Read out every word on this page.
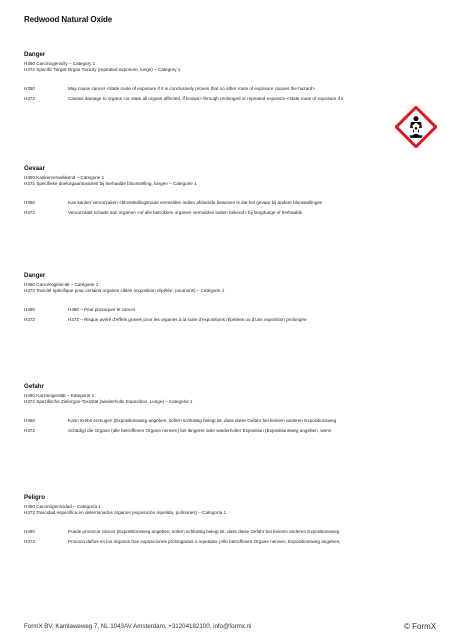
Redwood Natural Oxide
Danger
H350 Carcinogenicity – Category 1
H372 Specific Target Organ Toxicity (repeated exposure, lungs) – Category 1
H350	May cause cancer <state route of exposure if it is conclusively proven that no other route of exposure causes the hazard>
H372	Causes damage to organs <or state all organs affected, if known> through prolonged or repeated exposure <state route of exposure if it
Gevaar
H350 Kankerverwekkend – Categorie 1
H372 Specifieke doelorgaantoxiciteit bij herhaalde blootstelling, longen – Categorie 1
H350	Kan kanker veroorzaken <blootstellingsroute vermelden indien afdoende bewezen is dat het gevaar bij andere blootstellingen
H372	Veroorzaakt schade aan organen <of alle betrokken organen vermelden indien bekend> bij langdurige of herhaalde
Danger
H350 Cancérogénicité – Catégorie 1
H372 Toxicité spécifique pour certains organes cibles (exposition répétée, poumons) – Catégorie 1
H350	H350 – Peut provoquer le cancer
H372	H372 – Risque avéré d'effets graves pour les organes à la suite d'expositions répétées ou d'une exposition prolongée
Gefahr
H350 Karzinogenität – Kategorie 1
H372 Spezifische Zielorgan-Toxizität (wiederholte Exposition, Lunge) – Kategorie 1
H350	Kann Krebs erzeugen (Expositionsweg angeben, sofern schlüssig belegt ist, dass diese Gefahr bei keinem anderen Expositionsweg
H372	Schädigt die Organe (alle betroffenen Organe nennen) bei längerer oder wiederholter Exposition (Expositionsweg angeben, wenn
Peligro
H350 Carcinogenicidad – Categoría 1
H372 Toxicidad específica en determinados órganos (exposición repetida, pulmones) – Categoría 1
H350	Puede provocar cáncer (Expositionsweg angeben, sofern schlüssig belegt ist, dass diese Gefahr bei keinem anderen Expositionsweg
H372	Provoca daños en los órganos tras exposiciones prolongadas o repetidas (Alle betroffenen Organe nennen, Expositionsweg angeben,
FormX BV, Kamlaweweg 7, NL 1043AV Amsterdam, +31204182100, info@formx.nl	© FormX
